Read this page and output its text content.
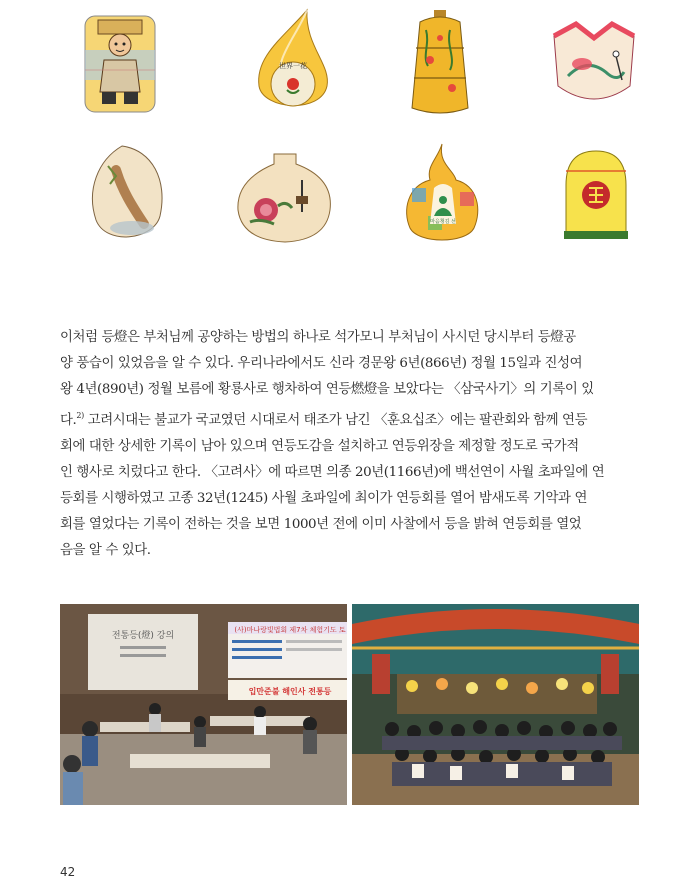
世界一花
마음챙김 선

이처럼 등燈은 부처님께 공양하는 방법의 하나로 석가모니 부처님이 사시던 당시부터 등燈공
양 풍습이 있었음을 알 수 있다. 우리나라에서도 신라 경문왕 6년(866년) 정월 15일과 진성여
왕 4년(890년) 정월 보름에 황룡사로 행차하여 연등燃燈을 보았다는 〈삼국사기〉의 기록이 있
다.$^{2)}$ 고려시대는 불교가 국교였던 시대로서 태조가 남긴 〈훈요십조〉에는 팔관회와 함께 연등
회에 대한 상세한 기록이 남아 있으며 연등도감을 설치하고 연등위장을 제정할 정도로 국가적
인 행사로 치렀다고 한다. 〈고려사〉에 따르면 의종 20년(1166년)에 백선연이 사월 초파일에 연
등회를 시행하였고 고종 32년(1245) 사월 초파일에 최이가 연등회를 열어 밤새도록 기악과 연
회를 열었다는 기록이 전하는 것을 보면 1000년 전에 이미 사찰에서 등을 밝혀 연등회를 열었
음을 알 수 있다.

전통등(燈) 강의
(사)마나랑빛법회 제7차 체험기도 토
입만준불 해인사 전통등
42
